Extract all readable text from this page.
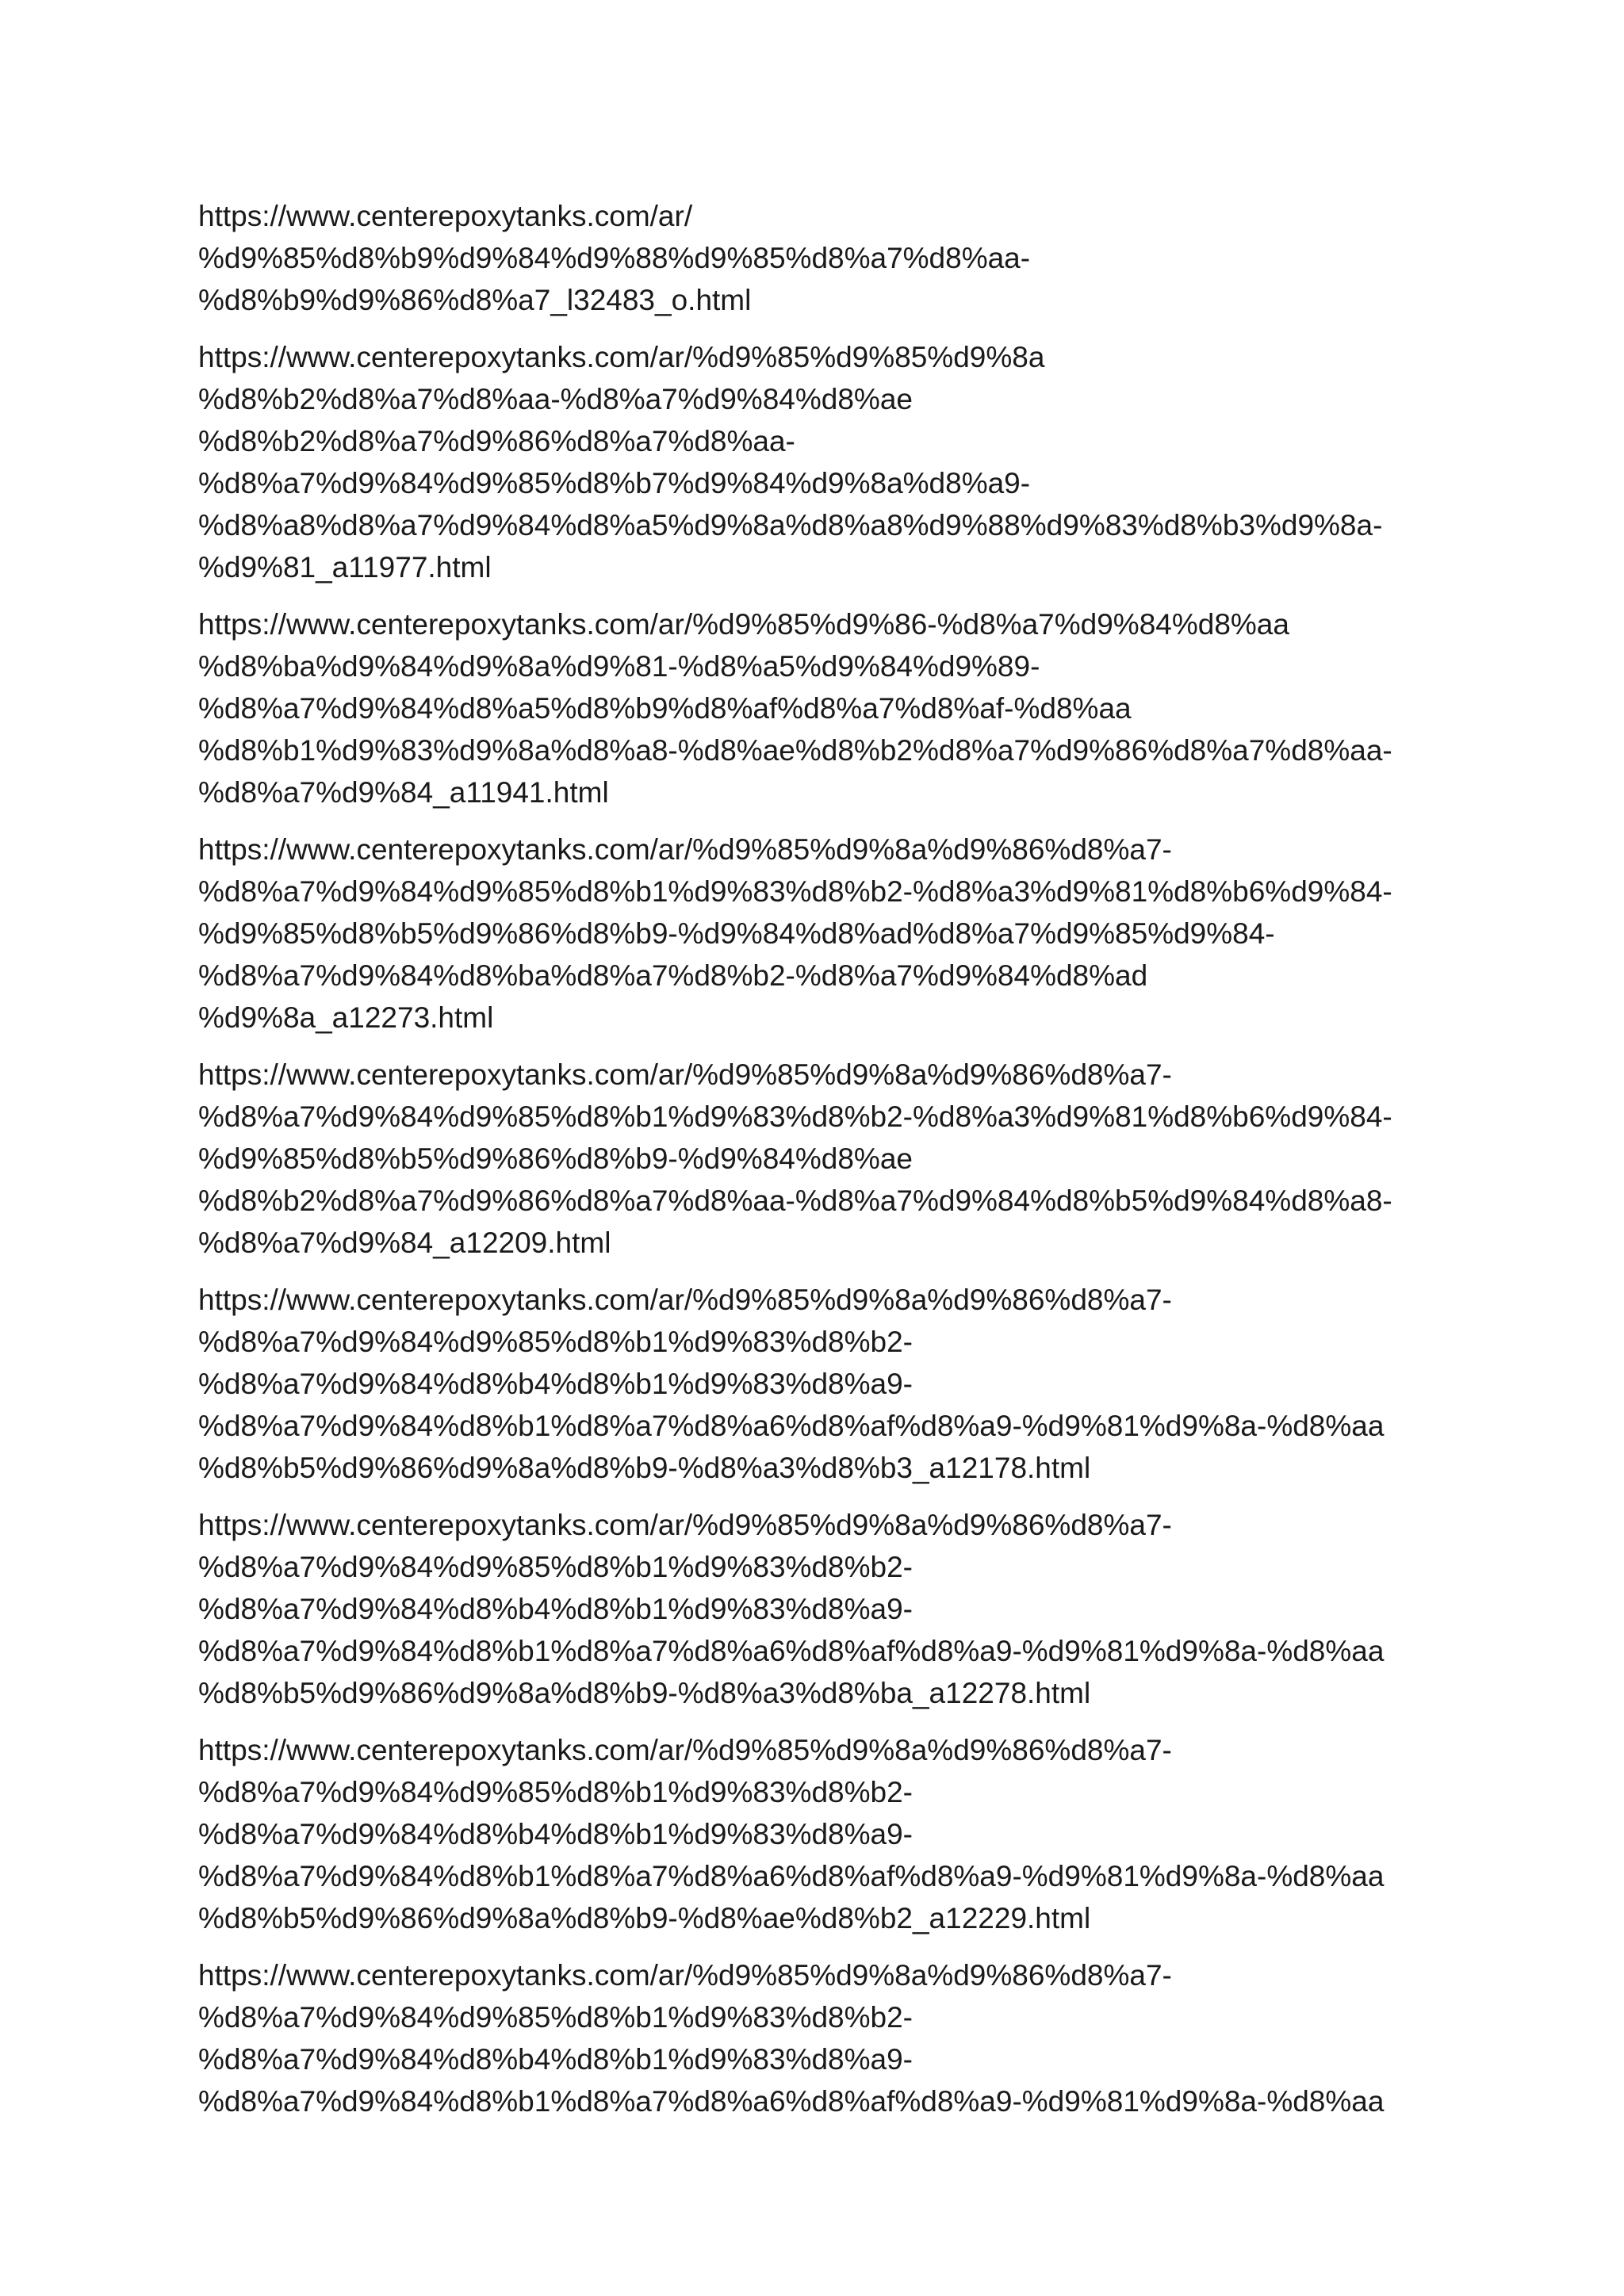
https://www.centerepoxytanks.com/ar/
%d9%85%d8%b9%d9%84%d9%88%d9%85%d8%a7%d8%aa-
%d8%b9%d9%86%d8%a7_l32483_o.html
https://www.centerepoxytanks.com/ar/%d9%85%d9%85%d9%8a
%d8%b2%d8%a7%d8%aa-%d8%a7%d9%84%d8%ae
%d8%b2%d8%a7%d9%86%d8%a7%d8%aa-
%d8%a7%d9%84%d9%85%d8%b7%d9%84%d9%8a%d8%a9-
%d8%a8%d8%a7%d9%84%d8%a5%d9%8a%d8%a8%d9%88%d9%83%d8%b3%d9%8a-
%d9%81_a11977.html
https://www.centerepoxytanks.com/ar/%d9%85%d9%86-%d8%a7%d9%84%d8%aa
%d8%ba%d9%84%d9%8a%d9%81-%d8%a5%d9%84%d9%89-
%d8%a7%d9%84%d8%a5%d8%b9%d8%af%d8%a7%d8%af-%d8%aa
%d8%b1%d9%83%d9%8a%d8%a8-%d8%ae%d8%b2%d8%a7%d9%86%d8%a7%d8%aa-
%d8%a7%d9%84_a11941.html
https://www.centerepoxytanks.com/ar/%d9%85%d9%8a%d9%86%d8%a7-
%d8%a7%d9%84%d9%85%d8%b1%d9%83%d8%b2-%d8%a3%d9%81%d8%b6%d9%84-
%d9%85%d8%b5%d9%86%d8%b9-%d9%84%d8%ad%d8%a7%d9%85%d9%84-
%d8%a7%d9%84%d8%ba%d8%a7%d8%b2-%d8%a7%d9%84%d8%ad
%d9%8a_a12273.html
https://www.centerepoxytanks.com/ar/%d9%85%d9%8a%d9%86%d8%a7-
%d8%a7%d9%84%d9%85%d8%b1%d9%83%d8%b2-%d8%a3%d9%81%d8%b6%d9%84-
%d9%85%d8%b5%d9%86%d8%b9-%d9%84%d8%ae
%d8%b2%d8%a7%d9%86%d8%a7%d8%aa-%d8%a7%d9%84%d8%b5%d9%84%d8%a8-
%d8%a7%d9%84_a12209.html
https://www.centerepoxytanks.com/ar/%d9%85%d9%8a%d9%86%d8%a7-
%d8%a7%d9%84%d9%85%d8%b1%d9%83%d8%b2-
%d8%a7%d9%84%d8%b4%d8%b1%d9%83%d8%a9-
%d8%a7%d9%84%d8%b1%d8%a7%d8%a6%d8%af%d8%a9-%d9%81%d9%8a-%d8%aa
%d8%b5%d9%86%d9%8a%d8%b9-%d8%a3%d8%b3_a12178.html
https://www.centerepoxytanks.com/ar/%d9%85%d9%8a%d9%86%d8%a7-
%d8%a7%d9%84%d9%85%d8%b1%d9%83%d8%b2-
%d8%a7%d9%84%d8%b4%d8%b1%d9%83%d8%a9-
%d8%a7%d9%84%d8%b1%d8%a7%d8%a6%d8%af%d8%a9-%d9%81%d9%8a-%d8%aa
%d8%b5%d9%86%d9%8a%d8%b9-%d8%a3%d8%ba_a12278.html
https://www.centerepoxytanks.com/ar/%d9%85%d9%8a%d9%86%d8%a7-
%d8%a7%d9%84%d9%85%d8%b1%d9%83%d8%b2-
%d8%a7%d9%84%d8%b4%d8%b1%d9%83%d8%a9-
%d8%a7%d9%84%d8%b1%d8%a7%d8%a6%d8%af%d8%a9-%d9%81%d9%8a-%d8%aa
%d8%b5%d9%86%d9%8a%d8%b9-%d8%ae%d8%b2_a12229.html
https://www.centerepoxytanks.com/ar/%d9%85%d9%8a%d9%86%d8%a7-
%d8%a7%d9%84%d9%85%d8%b1%d9%83%d8%b2-
%d8%a7%d9%84%d8%b4%d8%b1%d9%83%d8%a9-
%d8%a7%d9%84%d8%b1%d8%a7%d8%a6%d8%af%d8%a9-%d9%81%d9%8a-%d8%aa
